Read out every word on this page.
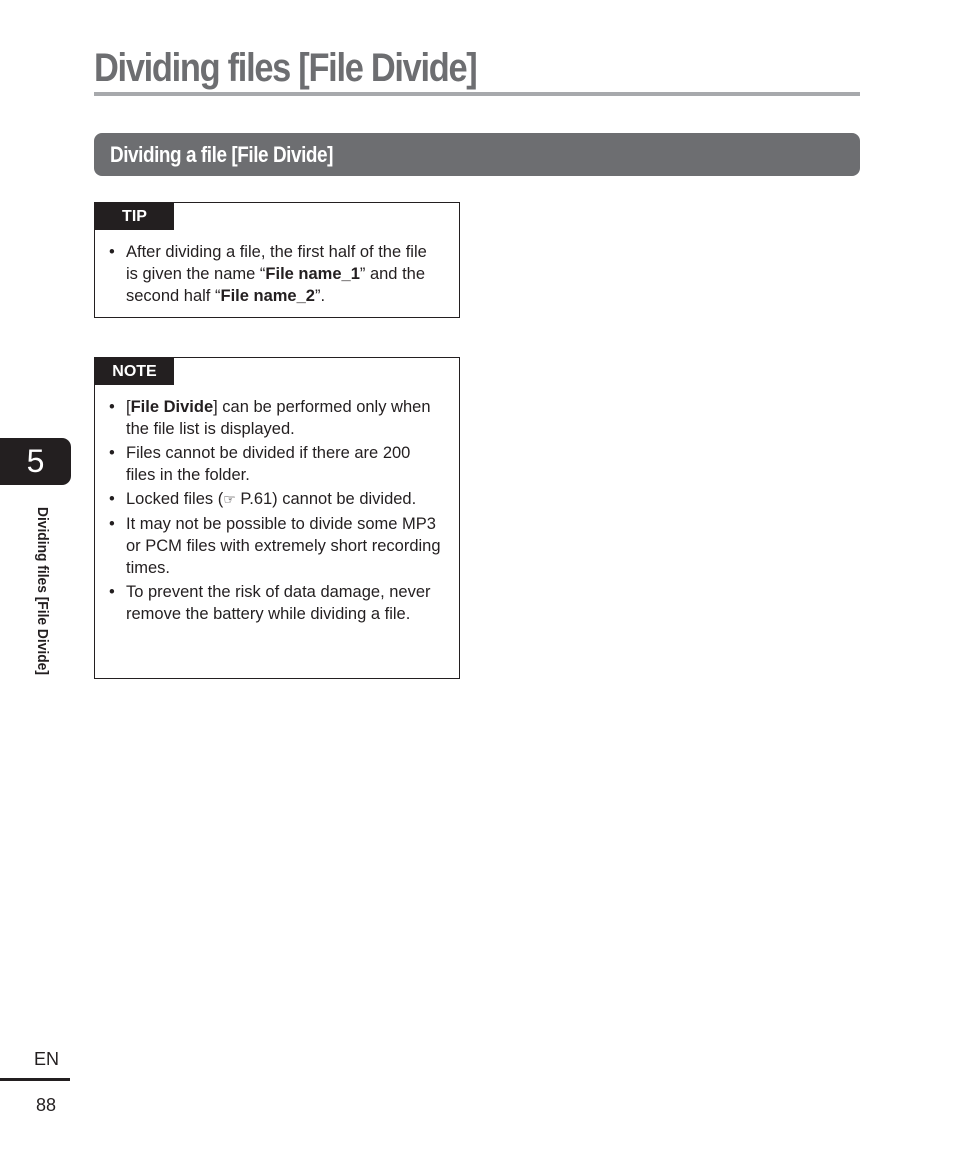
Dividing files [File Divide]
Dividing a file [File Divide]
TIP
• After dividing a file, the first half of the file is given the name “File name_1” and the second half “File name_2”.
NOTE
• [File Divide] can be performed only when the file list is displayed.
• Files cannot be divided if there are 200 files in the folder.
• Locked files (☞ P.61) cannot be divided.
• It may not be possible to divide some MP3 or PCM files with extremely short recording times.
• To prevent the risk of data damage, never remove the battery while dividing a file.
5
Dividing files [File Divide]
EN
88
